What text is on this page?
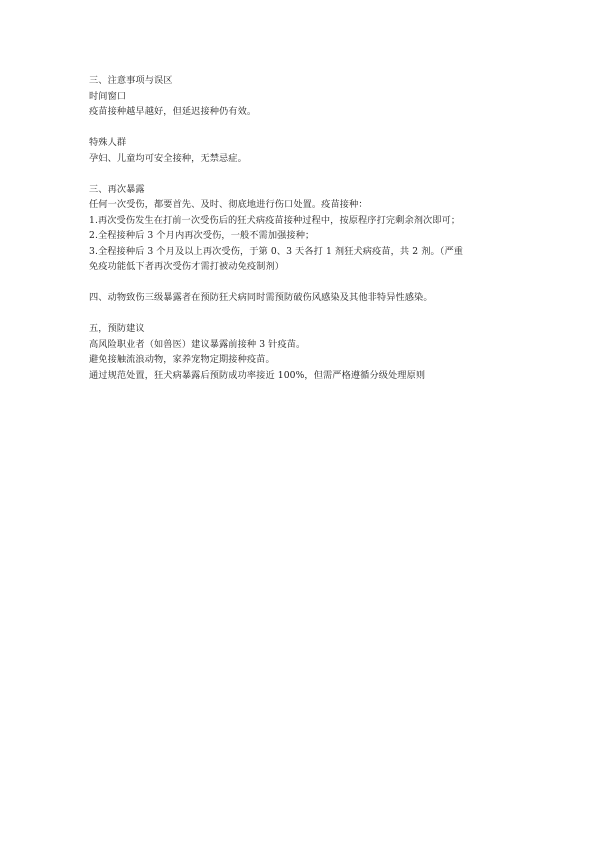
三、注意事项与误区
时间窗口
疫苗接种越早越好，但延迟接种仍有效。
特殊人群
孕妇、儿童均可安全接种，无禁忌症。
三、再次暴露
任何一次受伤，都要首先、及时、彻底地进行伤口处置。疫苗接种：
1.再次受伤发生在打前一次受伤后的狂犬病疫苗接种过程中，按原程序打完剩余剂次即可；
2.全程接种后 3 个月内再次受伤，一般不需加强接种；
3.全程接种后 3 个月及以上再次受伤，于第 0、3 天各打 1 剂狂犬病疫苗，共 2 剂。（严重
免疫功能低下者再次受伤才需打被动免疫制剂）
四、动物致伤三级暴露者在预防狂犬病同时需预防破伤风感染及其他非特异性感染。
五，预防建议
高风险职业者（如兽医）建议暴露前接种 3 针疫苗。
避免接触流浪动物，家养宠物定期接种疫苗。
通过规范处置，狂犬病暴露后预防成功率接近 100%，但需严格遵循分级处理原则
